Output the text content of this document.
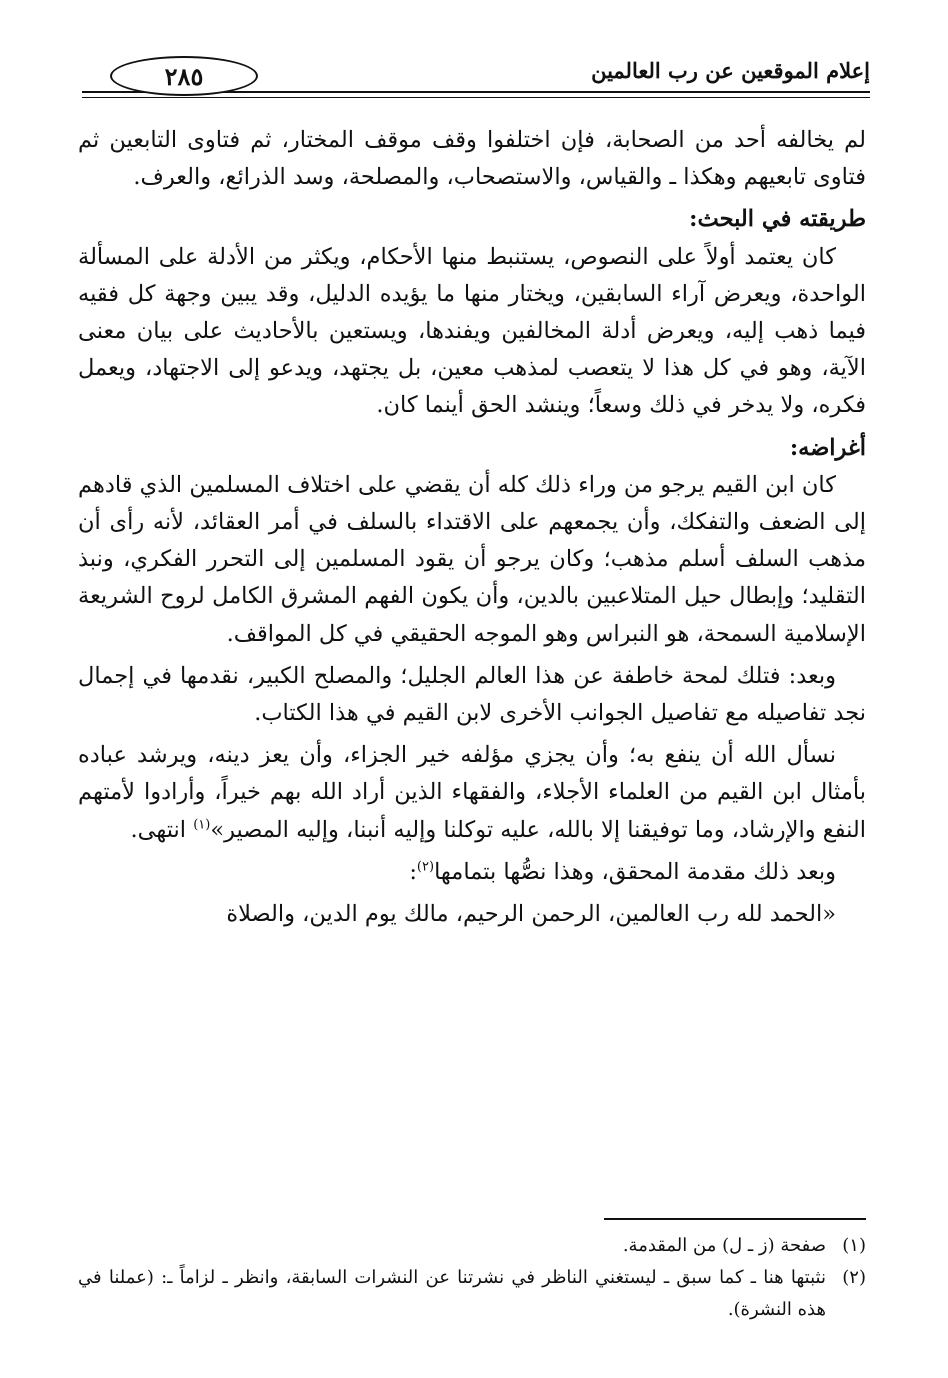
إعلام الموقعين عن رب العالمين
٢٨٥

لم يخالفه أحد من الصحابة، فإن اختلفوا وقف موقف المختار، ثم فتاوى التابعين ثم فتاوى تابعيهم وهكذا ـ والقياس، والاستصحاب، والمصلحة، وسد الذرائع، والعرف.

طريقته في البحث:

كان يعتمد أولاً على النصوص، يستنبط منها الأحكام، ويكثر من الأدلة على المسألة الواحدة، ويعرض آراء السابقين، ويختار منها ما يؤيده الدليل، وقد يبين وجهة كل فقيه فيما ذهب إليه، ويعرض أدلة المخالفين ويفندها، ويستعين بالأحاديث على بيان معنى الآية، وهو في كل هذا لا يتعصب لمذهب معين، بل يجتهد، ويدعو إلى الاجتهاد، ويعمل فكره، ولا يدخر في ذلك وسعاً؛ وينشد الحق أينما كان.

أغراضه:

كان ابن القيم يرجو من وراء ذلك كله أن يقضي على اختلاف المسلمين الذي قادهم إلى الضعف والتفكك، وأن يجمعهم على الاقتداء بالسلف في أمر العقائد، لأنه رأى أن مذهب السلف أسلم مذهب؛ وكان يرجو أن يقود المسلمين إلى التحرر الفكري، ونبذ التقليد؛ وإبطال حيل المتلاعبين بالدين، وأن يكون الفهم المشرق الكامل لروح الشريعة الإسلامية السمحة، هو النبراس وهو الموجه الحقيقي في كل المواقف.

وبعد: فتلك لمحة خاطفة عن هذا العالم الجليل؛ والمصلح الكبير، نقدمها في إجمال نجد تفاصيله مع تفاصيل الجوانب الأخرى لابن القيم في هذا الكتاب.

نسأل الله أن ينفع به؛ وأن يجزي مؤلفه خير الجزاء، وأن يعز دينه، ويرشد عباده بأمثال ابن القيم من العلماء الأجلاء، والفقهاء الذين أراد الله بهم خيراً، وأرادوا لأمتهم النفع والإرشاد، وما توفيقنا إلا بالله، عليه توكلنا وإليه أنبنا، وإليه المصير»$^{(١)}$ انتهى.

وبعد ذلك مقدمة المحقق، وهذا نصُّها بتمامها$^{(٢)}$:

«الحمد لله رب العالمين، الرحمن الرحيم، مالك يوم الدين، والصلاة

(١)
صفحة (ز ـ ل) من المقدمة.
(٢)
نثبتها هنا ـ كما سبق ـ ليستغني الناظر في نشرتنا عن النشرات السابقة، وانظر ـ لزاماً ـ: (عملنا في هذه النشرة).
